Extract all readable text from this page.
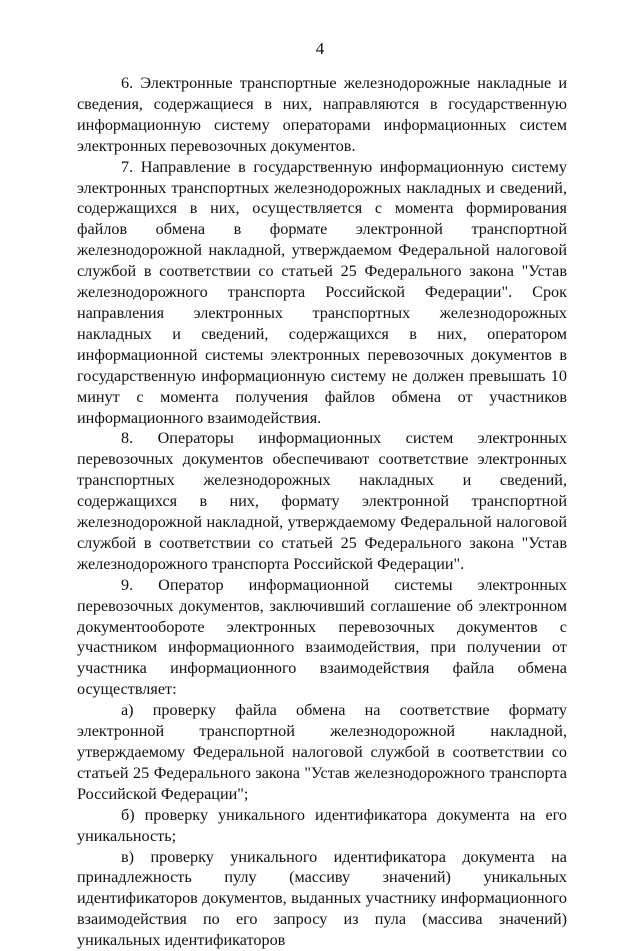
4

6. Электронные транспортные железнодорожные накладные и сведения, содержащиеся в них, направляются в государственную информационную систему операторами информационных систем электронных перевозочных документов.

7. Направление в государственную информационную систему электронных транспортных железнодорожных накладных и сведений, содержащихся в них, осуществляется с момента формирования файлов обмена в формате электронной транспортной железнодорожной накладной, утверждаемом Федеральной налоговой службой в соответствии со статьей 25 Федерального закона "Устав железнодорожного транспорта Российской Федерации". Срок направления электронных транспортных железнодорожных накладных и сведений, содержащихся в них, оператором информационной системы электронных перевозочных документов в государственную информационную систему не должен превышать 10 минут с момента получения файлов обмена от участников информационного взаимодействия.

8. Операторы информационных систем электронных перевозочных документов обеспечивают соответствие электронных транспортных железнодорожных накладных и сведений, содержащихся в них, формату электронной транспортной железнодорожной накладной, утверждаемому Федеральной налоговой службой в соответствии со статьей 25 Федерального закона "Устав железнодорожного транспорта Российской Федерации".

9. Оператор информационной системы электронных перевозочных документов, заключивший соглашение об электронном документообороте электронных перевозочных документов с участником информационного взаимодействия, при получении от участника информационного взаимодействия файла обмена осуществляет:

а) проверку файла обмена на соответствие формату электронной транспортной железнодорожной накладной, утверждаемому Федеральной налоговой службой в соответствии со статьей 25 Федерального закона "Устав железнодорожного транспорта Российской Федерации";

б) проверку уникального идентификатора документа на его уникальность;

в) проверку уникального идентификатора документа на принадлежность пулу (массиву значений) уникальных идентификаторов документов, выданных участнику информационного взаимодействия по его запросу из пула (массива значений) уникальных идентификаторов
